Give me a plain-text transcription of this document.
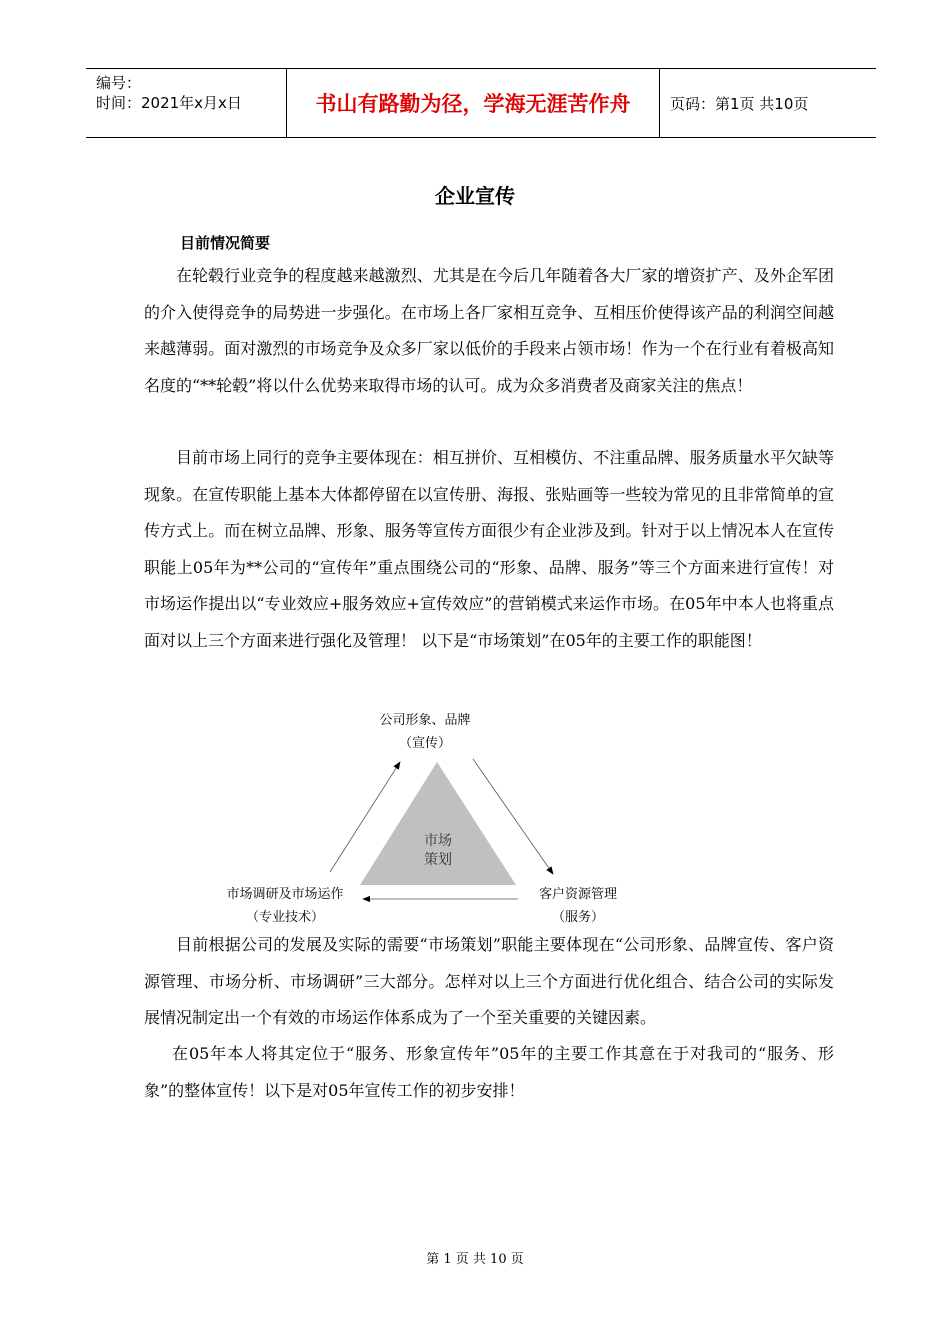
编号：
时间：2021年x月x日	书山有路勤为径，学海无涯苦作舟	页码：第1页 共10页
企业宣传
目前情况简要

在轮毂行业竞争的程度越来越激烈、尤其是在今后几年随着各大厂家的增资扩产、及外企军团的介入使得竞争的局势进一步强化。在市场上各厂家相互竞争、互相压价使得该产品的利润空间越来越薄弱。面对激烈的市场竞争及众多厂家以低价的手段来占领市场！作为一个在行业有着极高知名度的“**轮毂”将以什么优势来取得市场的认可。成为众多消费者及商家关注的焦点！

目前市场上同行的竞争主要体现在：相互拼价、互相模仿、不注重品牌、服务质量水平欠缺等现象。在宣传职能上基本大体都停留在以宣传册、海报、张贴画等一些较为常见的且非常简单的宣传方式上。而在树立品牌、形象、服务等宣传方面很少有企业涉及到。针对于以上情况本人在宣传职能上05年为**公司的“宣传年”重点围绕公司的“形象、品牌、服务”等三个方面来进行宣传！对市场运作提出以“专业效应+服务效应+宣传效应”的营销模式来运作市场。在05年中本人也将重点面对以上三个方面来进行强化及管理！ 以下是“市场策划”在05年的主要工作的职能图！

公司形象、品牌
（宣传）
市场
策划
市场调研及市场运作
（专业技术）
客户资源管理
（服务）

目前根据公司的发展及实际的需要“市场策划”职能主要体现在“公司形象、品牌宣传、客户资源管理、市场分析、市场调研”三大部分。怎样对以上三个方面进行优化组合、结合公司的实际发展情况制定出一个有效的市场运作体系成为了一个至关重要的关键因素。

在05年本人将其定位于“服务、形象宣传年”05年的主要工作其意在于对我司的“服务、形象”的整体宣传！以下是对05年宣传工作的初步安排！

第 1 页 共 10 页
